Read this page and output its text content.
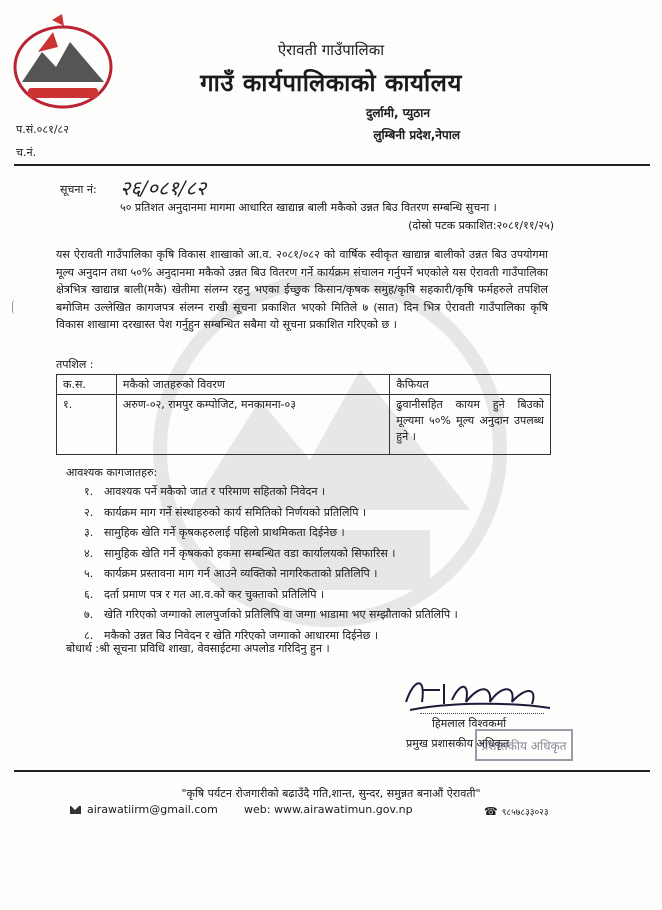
ऐरावती गाउँपालिका
गाउँ कार्यपालिकाको कार्यालय
दुर्लामी, प्युठान
लुम्बिनी प्रदेश,नेपाल
प.सं.०८१/८२
च.नं.
सूचना नं: २६/०८१/८२
५० प्रतिशत अनुदानमा मागमा आधारित खाद्यान्न बाली मकैको उन्नत बिउ वितरण सम्बन्धि सुचना ।
(दोस्रो पटक प्रकाशित:२०८१/११/२५)
यस ऐरावती गाउँपालिका कृषि विकास शाखाको आ.व. २०८१/०८२ को वार्षिक स्वीकृत खाद्यान्न बालीको उन्नत बिउ उपयोगमा मूल्य अनुदान तथा ५०% अनुदानमा मकैको उन्नत बिउ वितरण गर्ने कार्यक्रम संचालन गर्नुपर्ने भएकोले यस ऐरावती गाउँपालिका क्षेत्रभित्र खाद्यान्न बाली(मकै) खेतीमा संलग्न रहनु भएका ईच्छुक किसान/कृषक समुह/कृषि सहकारी/कृषि फर्महरुले तपशिल बमोजिम उल्लेखित कागजपत्र संलग्न राखी सूचना प्रकाशित भएको मितिले ७ (सात) दिन भित्र ऐरावती गाउँपालिका कृषि विकास शाखामा दरखास्त पेश गर्नुहुन सम्बन्धित सबैमा यो सूचना प्रकाशित गरिएको छ ।
तपशिल :
क.स.	मकैको जातहरुको विवरण	कैफियत
१.	अरुण-०२, रामपुर कम्पोजिट, मनकामना-०३	ढुवानीसहित कायम हुने बिउको मूल्यमा ५०% मूल्य अनुदान उपलब्ध हुने ।
आवश्यक कागजातहरु:
१. आवश्यक पर्ने मकैको जात र परिमाण सहितको निवेदन ।
२. कार्यक्रम माग गर्ने संस्थाहरुको कार्य समितिको निर्णयको प्रतिलिपि ।
३. सामुहिक खेति गर्ने कृषकहरुलाई पहिलो प्राथमिकता दिईनेछ ।
४. सामुहिक खेति गर्ने कृषकको हकमा सम्बन्धित वडा कार्यालयको सिफारिस ।
५. कार्यक्रम प्रस्तावना माग गर्न आउने व्यक्तिको नागरिकताको प्रतिलिपि ।
६. दर्ता प्रमाण पत्र र गत आ.व.को कर चुक्ताको प्रतिलिपि ।
७. खेति गरिएको जग्गाको लालपुर्जाको प्रतिलिपि वा जग्गा भाडामा भए सम्झौताको प्रतिलिपि ।
८. मकैको उन्नत बिउ निवेदन र खेति गरिएको जग्गाको आधारमा दिईनेछ ।
बोधार्थ :श्री सूचना प्रविधि शाखा, वेवसाईटमा अपलोड गरिदिनु हुन ।
हिमलाल विश्वकर्मा
प्रमुख प्रशासकीय अधिकृत
प्रशासकीय अधिकृत
"कृषि पर्यटन रोजगारीको बढाउँदै गति,शान्त, सुन्दर, समुन्नत बनाऔं ऐरावती"
airawatiirm@gmail.com web: www.airawatimun.gov.np	☎ ९८५७८३३०२३
